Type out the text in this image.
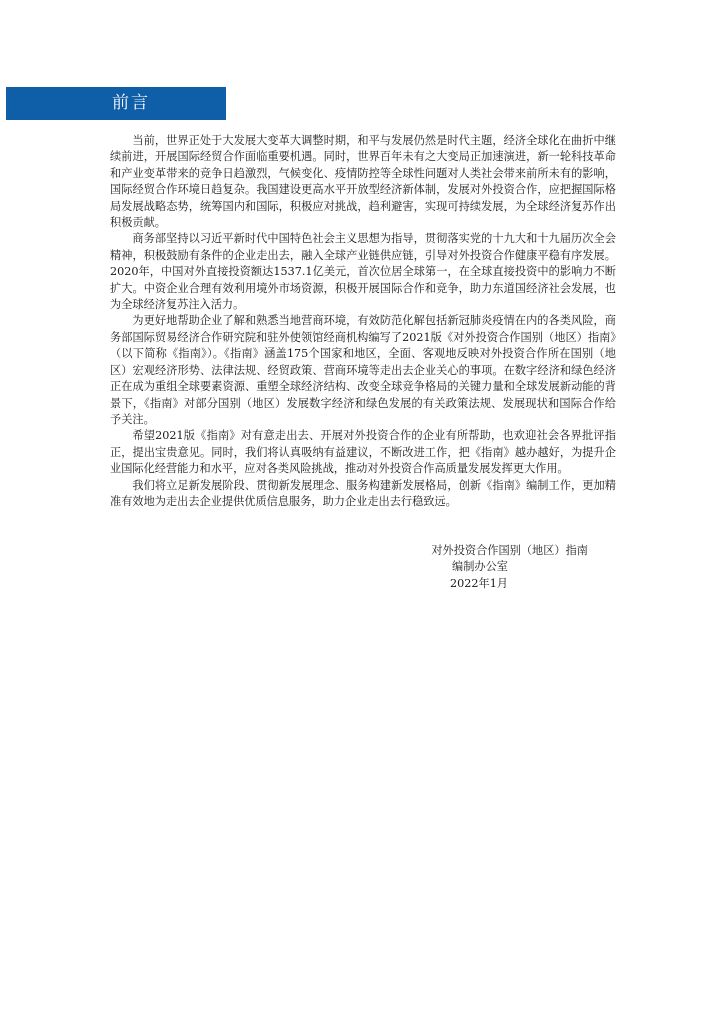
前言

当前，世界正处于大发展大变革大调整时期，和平与发展仍然是时代主题，经济全球化在曲折中继续前进，开展国际经贸合作面临重要机遇。同时，世界百年未有之大变局正加速演进，新一轮科技革命和产业变革带来的竞争日趋激烈，气候变化、疫情防控等全球性问题对人类社会带来前所未有的影响，国际经贸合作环境日趋复杂。我国建设更高水平开放型经济新体制，发展对外投资合作，应把握国际格局发展战略态势，统筹国内和国际，积极应对挑战，趋利避害，实现可持续发展，为全球经济复苏作出积极贡献。

商务部坚持以习近平新时代中国特色社会主义思想为指导，贯彻落实党的十九大和十九届历次全会精神，积极鼓励有条件的企业走出去，融入全球产业链供应链，引导对外投资合作健康平稳有序发展。2020年，中国对外直接投资额达1537.1亿美元，首次位居全球第一，在全球直接投资中的影响力不断扩大。中资企业合理有效利用境外市场资源，积极开展国际合作和竞争，助力东道国经济社会发展，也为全球经济复苏注入活力。

为更好地帮助企业了解和熟悉当地营商环境，有效防范化解包括新冠肺炎疫情在内的各类风险，商务部国际贸易经济合作研究院和驻外使领馆经商机构编写了2021版《对外投资合作国别（地区）指南》（以下简称《指南》）。《指南》涵盖175个国家和地区，全面、客观地反映对外投资合作所在国别（地区）宏观经济形势、法律法规、经贸政策、营商环境等走出去企业关心的事项。在数字经济和绿色经济正在成为重组全球要素资源、重塑全球经济结构、改变全球竞争格局的关键力量和全球发展新动能的背景下，《指南》对部分国别（地区）发展数字经济和绿色发展的有关政策法规、发展现状和国际合作给予关注。

希望2021版《指南》对有意走出去、开展对外投资合作的企业有所帮助，也欢迎社会各界批评指正，提出宝贵意见。同时，我们将认真吸纳有益建议，不断改进工作，把《指南》越办越好，为提升企业国际化经营能力和水平，应对各类风险挑战，推动对外投资合作高质量发展发挥更大作用。

我们将立足新发展阶段、贯彻新发展理念、服务构建新发展格局，创新《指南》编制工作，更加精准有效地为走出去企业提供优质信息服务，助力企业走出去行稳致远。

对外投资合作国别（地区）指南
编制办公室
2022年1月
